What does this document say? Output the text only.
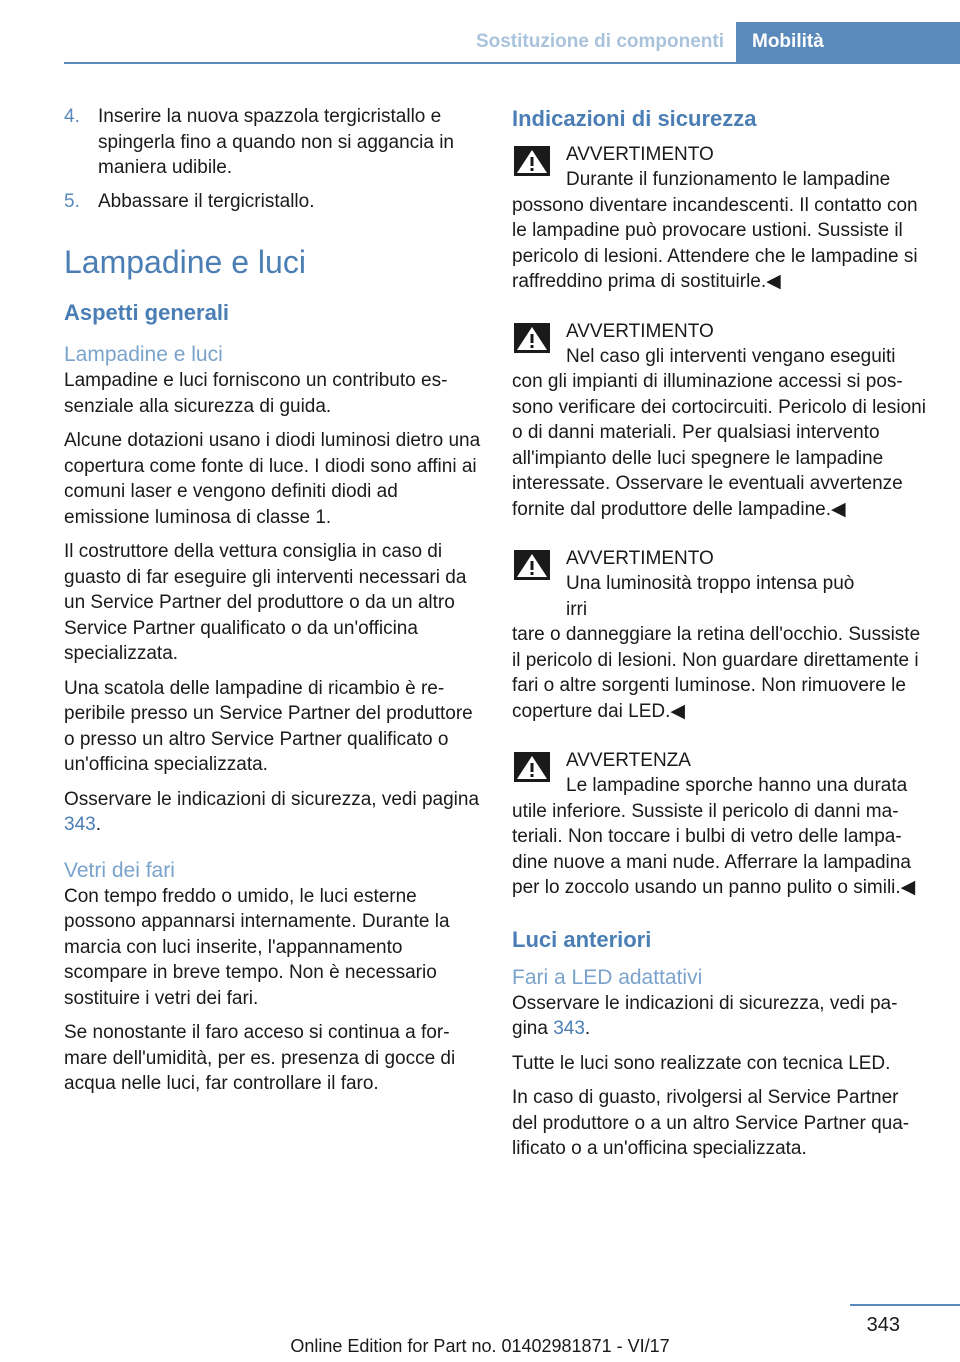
Sostituzione di componenti	Mobilità
4. Inserire la nuova spazzola tergicristallo e spingerla fino a quando non si aggancia in maniera udibile.
5. Abbassare il tergicristallo.
Lampadine e luci
Aspetti generali
Lampadine e luci

Lampadine e luci forniscono un contributo essenziale alla sicurezza di guida.

Alcune dotazioni usano i diodi luminosi dietro una copertura come fonte di luce. I diodi sono affini ai comuni laser e vengono definiti diodi ad emissione luminosa di classe 1.

Il costruttore della vettura consiglia in caso di guasto di far eseguire gli interventi necessari da un Service Partner del produttore o da un altro Service Partner qualificato o da un'officina specializzata.

Una scatola delle lampadine di ricambio è reperibile presso un Service Partner del produttore o presso un altro Service Partner qualificato o un'officina specializzata.

Osservare le indicazioni di sicurezza, vedi pagina 343.

Vetri dei fari

Con tempo freddo o umido, le luci esterne possono appannarsi internamente. Durante la marcia con luci inserite, l'appannamento scompare in breve tempo. Non è necessario sostituire i vetri dei fari.

Se nonostante il faro acceso si continua a formare dell'umidità, per es. presenza di gocce di acqua nelle luci, far controllare il faro.

Indicazioni di sicurezza
AVVERTIMENTO
Durante il funzionamento le lampadine
possono diventare incandescenti. Il contatto con le lampadine può provocare ustioni. Sussiste il pericolo di lesioni. Attendere che le lampadine si raffreddino prima di sostituirle.◀
AVVERTIMENTO
Nel caso gli interventi vengano eseguiti
con gli impianti di illuminazione accessi si possono verificare dei cortocircuiti. Pericolo di lesioni o di danni materiali. Per qualsiasi intervento all'impianto delle luci spegnere le lampadine interessate. Osservare le eventuali avvertenze fornite dal produttore delle lampadine.◀
AVVERTIMENTO
Una luminosità troppo intensa può irri
tare o danneggiare la retina dell'occhio. Sussiste il pericolo di lesioni. Non guardare direttamente i fari o altre sorgenti luminose. Non rimuovere le coperture dai LED.◀
AVVERTENZA
Le lampadine sporche hanno una durata
utile inferiore. Sussiste il pericolo di danni materiali. Non toccare i bulbi di vetro delle lampadine nuove a mani nude. Afferrare la lampadina per lo zoccolo usando un panno pulito o simili.◀
Luci anteriori
Fari a LED adattativi

Osservare le indicazioni di sicurezza, vedi pagina 343.

Tutte le luci sono realizzate con tecnica LED.

In caso di guasto, rivolgersi al Service Partner del produttore o a un altro Service Partner qualificato o a un'officina specializzata.

343
Online Edition for Part no. 01402981871 - VI/17
